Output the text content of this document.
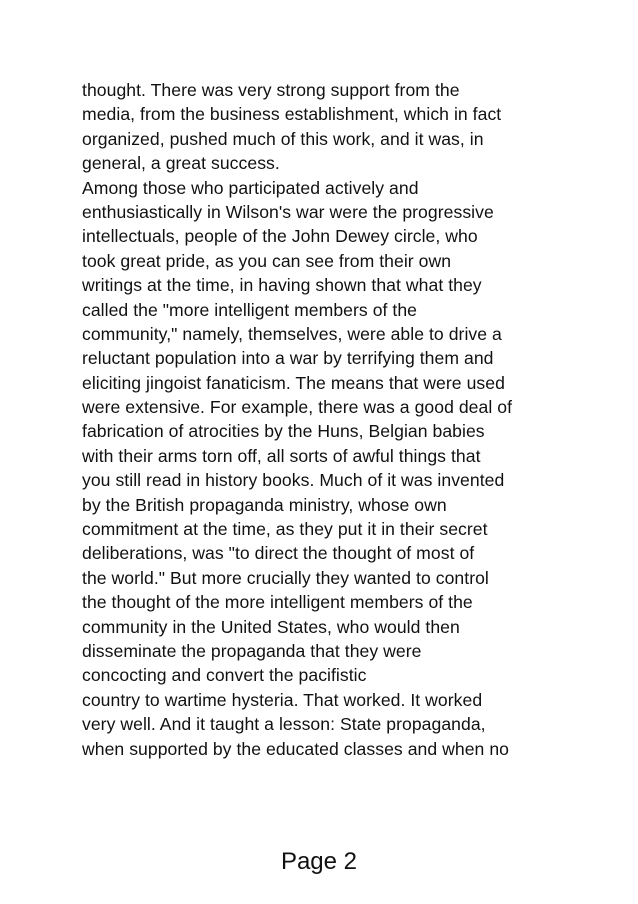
thought. There was very strong support from the
media, from the business establishment, which in fact
organized, pushed much of this work, and it was, in
general, a great success.
Among those who participated actively and
enthusiastically in Wilson's war were the progressive
intellectuals, people of the John Dewey circle, who
took great pride, as you can see from their own
writings at the time, in having shown that what they
called the "more intelligent members of the
community," namely, themselves, were able to drive a
reluctant population into a war by terrifying them and
eliciting jingoist fanaticism. The means that were used
were extensive. For example, there was a good deal of
fabrication of atrocities by the Huns, Belgian babies
with their arms torn off, all sorts of awful things that
you still read in history books. Much of it was invented
by the British propaganda ministry, whose own
commitment at the time, as they put it in their secret
deliberations, was "to direct the thought of most of
the world." But more crucially they wanted to control
the thought of the more intelligent members of the
community in the United States, who would then
disseminate the propaganda that they were
concocting and convert the pacifistic
country to wartime hysteria. That worked. It worked
very well. And it taught a lesson: State propaganda,
when supported by the educated classes and when no
Page 2
